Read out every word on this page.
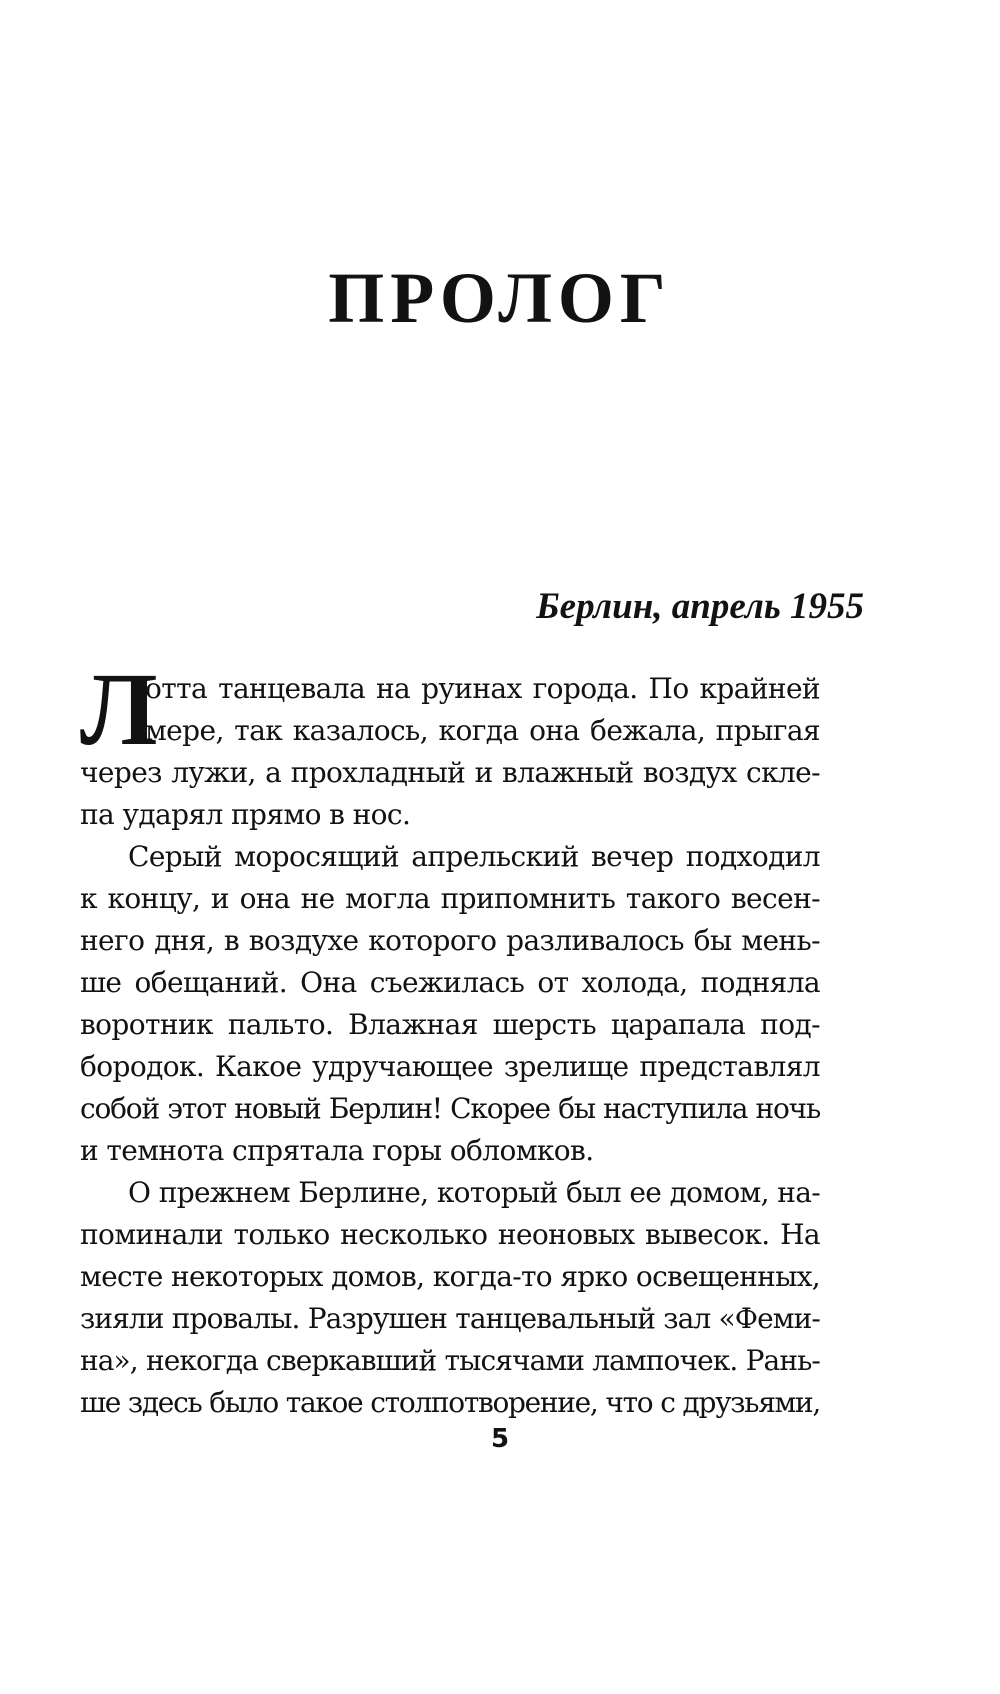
ПРОЛОГ
Берлин, апрель 1955
Л
отта танцевала на руинах города. По крайней
мере, так казалось, когда она бежала, прыгая
через лужи, а прохладный и влажный воздух скле-
па ударял прямо в нос.
Серый моросящий апрельский вечер подходил
к концу, и она не могла припомнить такого весен-
него дня, в воздухе которого разливалось бы мень-
ше обещаний. Она съежилась от холода, подняла
воротник пальто. Влажная шерсть царапала под-
бородок. Какое удручающее зрелище представлял
собой этот новый Берлин! Скорее бы наступила ночь
и темнота спрятала горы обломков.
О прежнем Берлине, который был ее домом, на-
поминали только несколько неоновых вывесок. На
месте некоторых домов, когда-то ярко освещенных,
зияли провалы. Разрушен танцевальный зал «Феми-
на», некогда сверкавший тысячами лампочек. Рань-
ше здесь было такое столпотворение, что с друзьями,
5
